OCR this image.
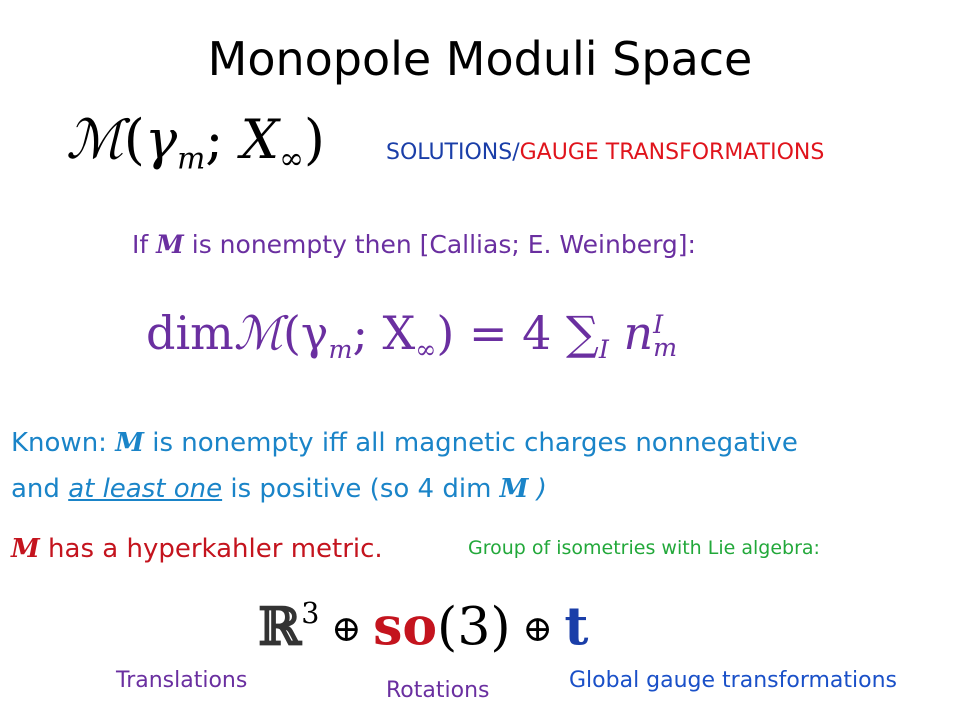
Monopole Moduli Space
$ℳ(\gamma_m$; $X_\infty$)	SOLUTIONS/GAUGE TRANSFORMATIONS
If M is nonempty then [Callias; E. Weinberg]:
$dimℳ(\gamma_m$; $X_\infty) = 4$ $\sum_I$ n I
m
Known: M is nonempty iff all magnetic charges nonnegative
and at least one is positive (so 4 dim M )
M has a hyperkahler metric.	Group of isometries with Lie algebra:
ℝ$^3$ ⊕ so(3) ⊕ t
Translations	Rotations	Global gauge transformations
